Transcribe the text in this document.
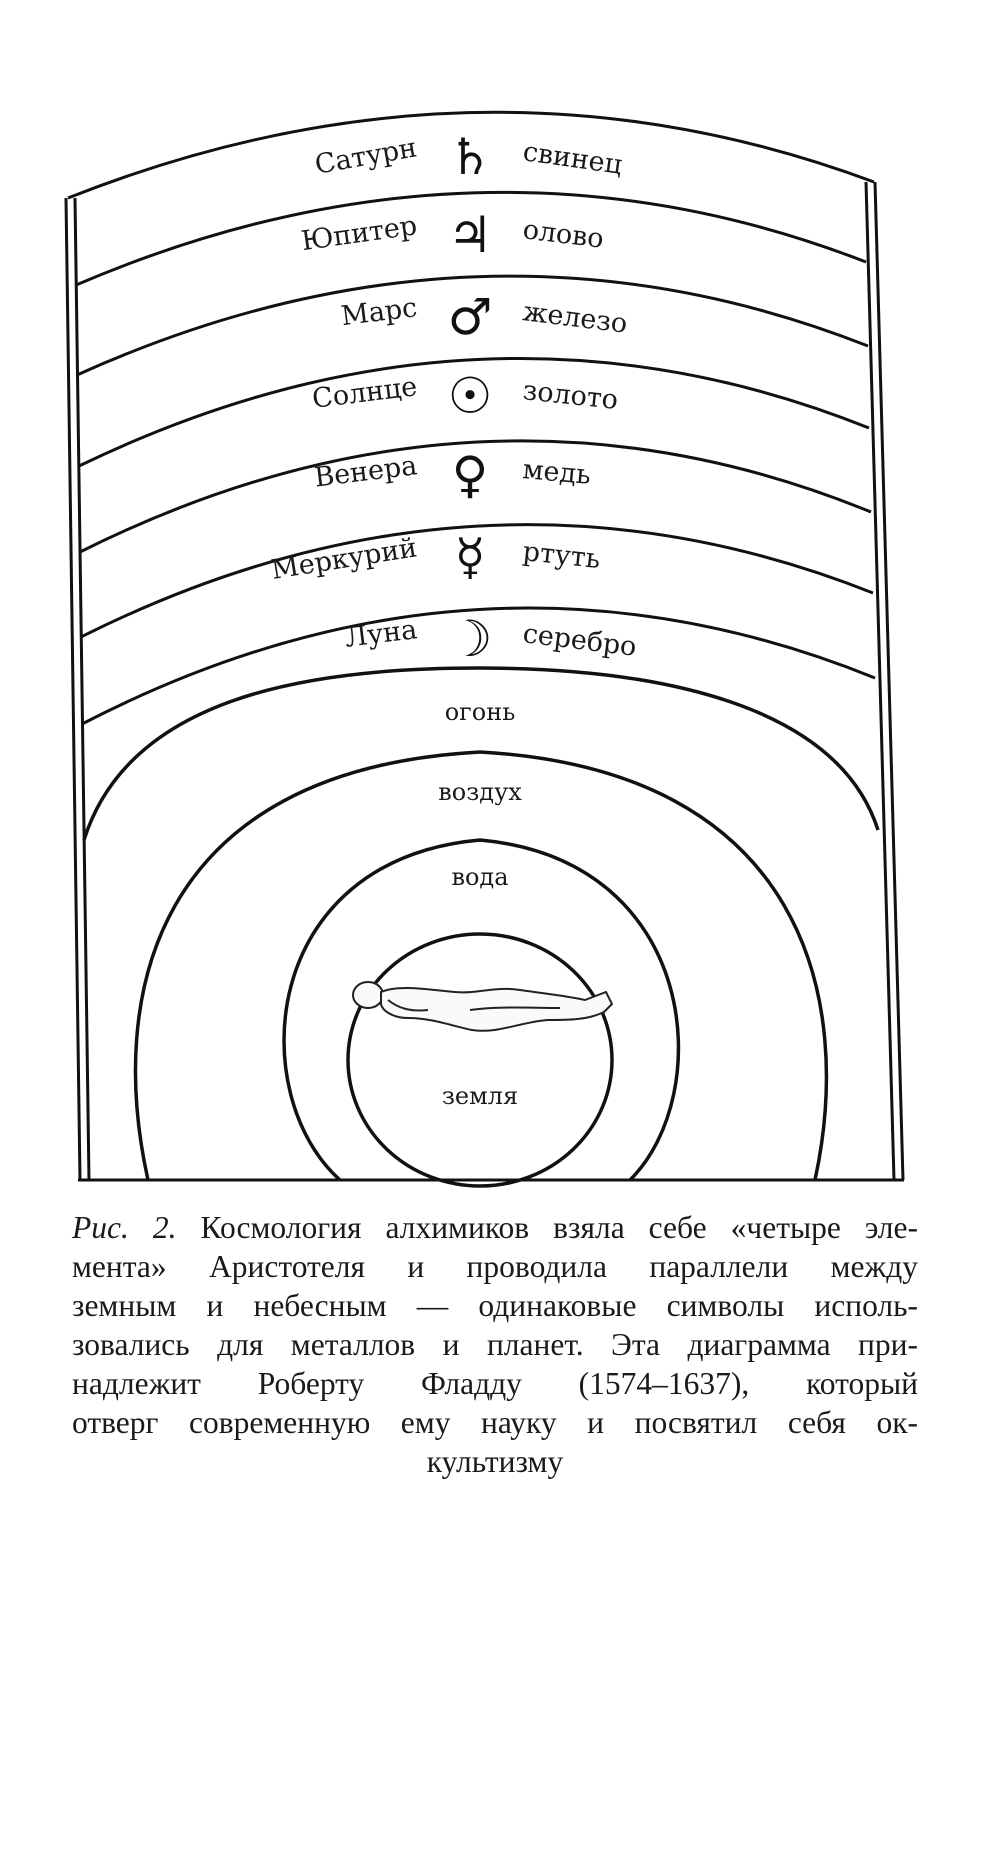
Сатурн ♄ свинец
Юпитер ♃ олово
Марс ♂ железо
Солнце ☉ золото
Венера ♀ медь
Меркурий ☿ ртуть
Луна ☽ серебро
огонь
воздух
вода
земля
Рис. 2. Космология алхимиков взяла себе «четыре эле-
мента» Аристотеля и проводила параллели между
земным и небесным — одинаковые символы исполь-
зовались для металлов и планет. Эта диаграмма при-
надлежит Роберту Фладду (1574–1637), который
отверг современную ему науку и посвятил себя ок-
культизму
